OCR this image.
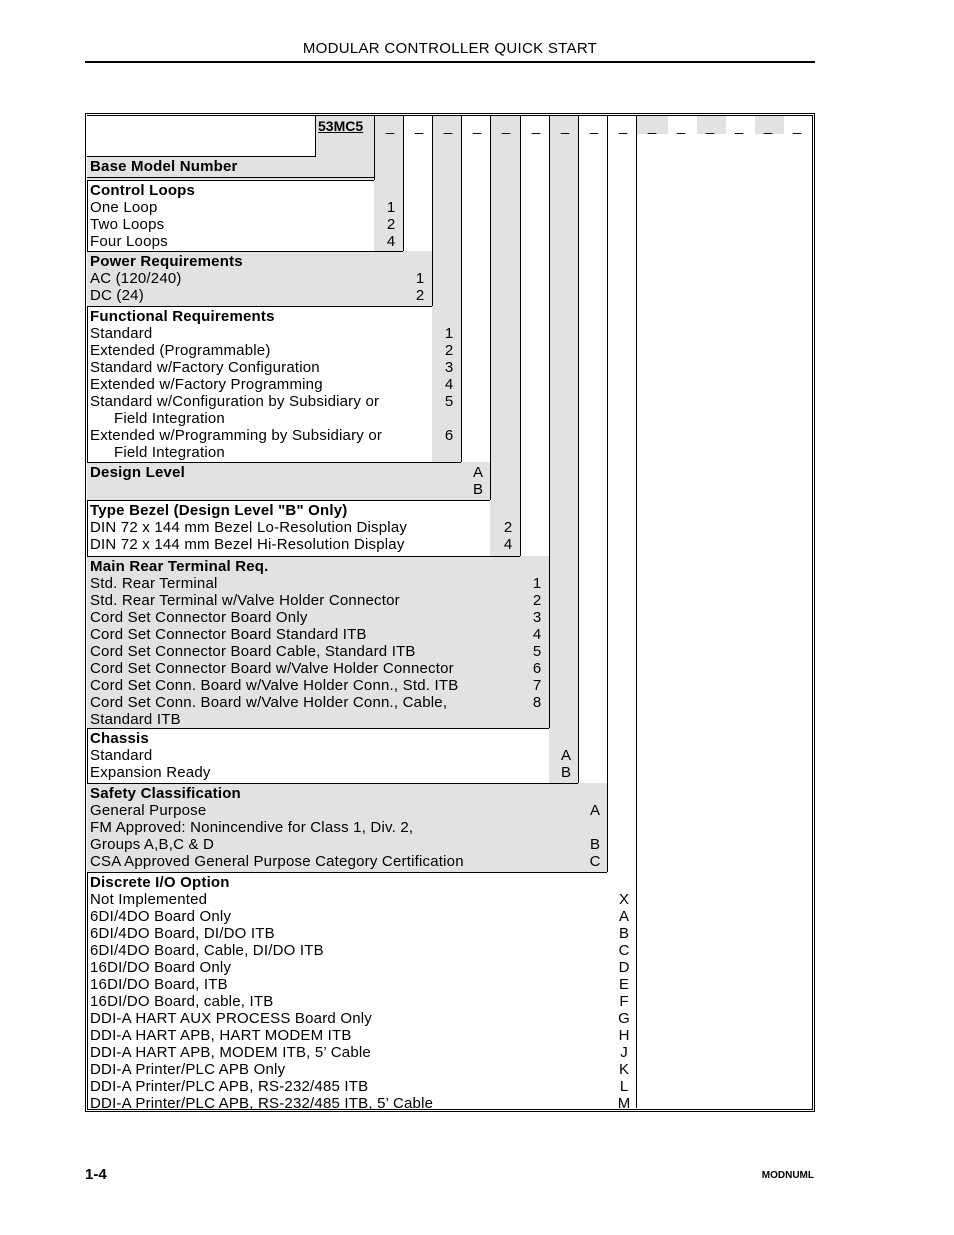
MODULAR CONTROLLER QUICK START
53MC5	_	_	_	_	_	_	_	_	_	_	_	_	_	_	_
Base Model Number
Control Loops
One Loop	1
Two Loops	2
Four Loops	4
Power Requirements
AC (120/240)	1
DC (24)	2
Functional Requirements
Standard	1
Extended (Programmable)	2
Standard w/Factory Configuration	3
Extended w/Factory Programming	4
Standard w/Configuration by Subsidiary or	5
Field Integration
Extended w/Programming by Subsidiary or	6
Field Integration
Design Level	A
B
Type Bezel (Design Level "B" Only)
DIN 72 x 144 mm Bezel Lo-Resolution Display	2
DIN 72 x 144 mm Bezel Hi-Resolution Display	4
Main Rear Terminal Req.
Std. Rear Terminal	1
Std. Rear Terminal w/Valve Holder Connector	2
Cord Set Connector Board Only	3
Cord Set Connector Board Standard ITB	4
Cord Set Connector Board Cable, Standard ITB	5
Cord Set Connector Board w/Valve Holder Connector	6
Cord Set Conn. Board w/Valve Holder Conn., Std. ITB	7
Cord Set Conn. Board w/Valve Holder Conn., Cable,	8
Standard ITB
Chassis
Standard	A
Expansion Ready	B
Safety Classification
General Purpose	A
FM Approved: Nonincendive for Class 1, Div. 2,
Groups A,B,C & D	B
CSA Approved General Purpose Category Certification	C
Discrete I/O Option
Not Implemented	X
6DI/4DO Board Only	A
6DI/4DO Board, DI/DO ITB	B
6DI/4DO Board, Cable, DI/DO ITB	C
16DI/DO Board Only	D
16DI/DO Board, ITB	E
16DI/DO Board, cable, ITB	F
DDI-A HART AUX PROCESS Board Only	G
DDI-A HART APB, HART MODEM ITB	H
DDI-A HART APB, MODEM ITB, 5’ Cable	J
DDI-A Printer/PLC APB Only	K
DDI-A Printer/PLC APB, RS-232/485 ITB	L
DDI-A Printer/PLC APB, RS-232/485 ITB, 5’ Cable	M
1-4	MODNUML
